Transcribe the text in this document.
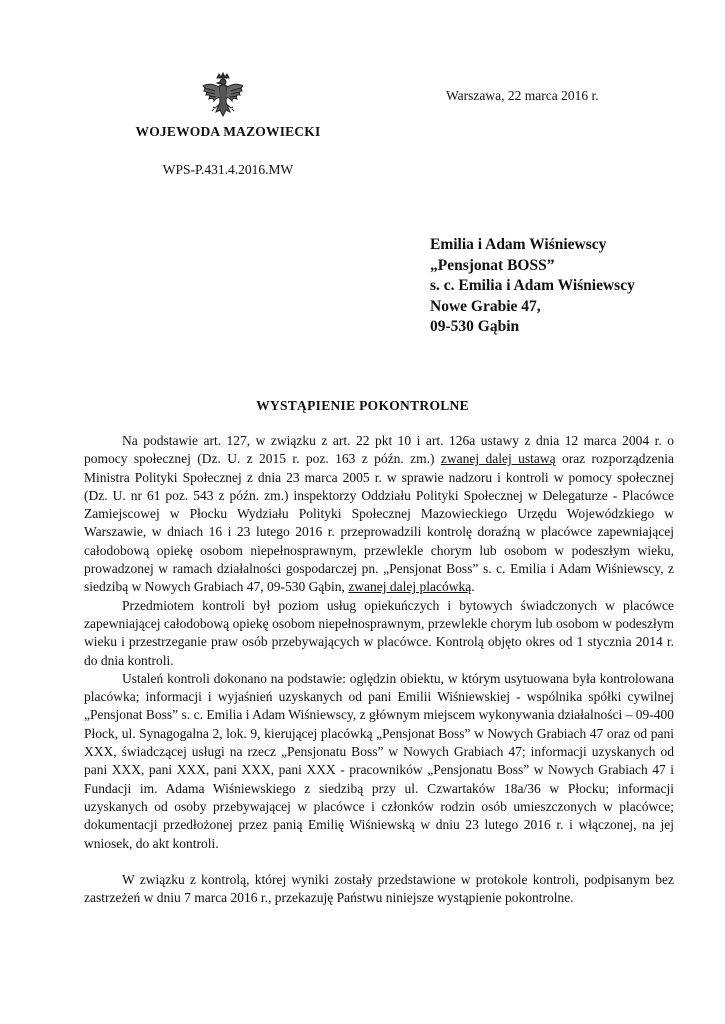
WOJEWODA MAZOWIECKI
WPS-P.431.4.2016.MW
Warszawa, 22 marca 2016 r.
Emilia i Adam Wiśniewscy
„Pensjonat BOSS”
s. c. Emilia i Adam Wiśniewscy
Nowe Grabie 47,
09-530 Gąbin
WYSTĄPIENIE POKONTROLNE

Na podstawie art. 127, w związku z art. 22 pkt 10 i art. 126a ustawy z dnia 12 marca 2004 r. o pomocy społecznej (Dz. U. z 2015 r. poz. 163 z późn. zm.) zwanej dalej ustawą oraz rozporządzenia Ministra Polityki Społecznej z dnia 23 marca 2005 r. w sprawie nadzoru i kontroli w pomocy społecznej (Dz. U. nr 61 poz. 543 z późn. zm.) inspektorzy Oddziału Polityki Społecznej w Delegaturze - Placówce Zamiejscowej w Płocku Wydziału Polityki Społecznej Mazowieckiego Urzędu Wojewódzkiego w Warszawie, w dniach 16 i 23 lutego 2016 r. przeprowadzili kontrolę doraźną w placówce zapewniającej całodobową opiekę osobom niepełnosprawnym, przewlekle chorym lub osobom w podeszłym wieku, prowadzonej w ramach działalności gospodarczej pn. „Pensjonat Boss” s. c. Emilia i Adam Wiśniewscy, z siedzibą w Nowych Grabiach 47, 09-530 Gąbin, zwanej dalej placówką.

Przedmiotem kontroli był poziom usług opiekuńczych i bytowych świadczonych w placówce zapewniającej całodobową opiekę osobom niepełnosprawnym, przewlekle chorym lub osobom w podeszłym wieku i przestrzeganie praw osób przebywających w placówce. Kontrolą objęto okres od 1 stycznia 2014 r. do dnia kontroli.

Ustaleń kontroli dokonano na podstawie: oględzin obiektu, w którym usytuowana była kontrolowana placówka; informacji i wyjaśnień uzyskanych od pani Emilii Wiśniewskiej - wspólnika spółki cywilnej „Pensjonat Boss” s. c. Emilia i Adam Wiśniewscy, z głównym miejscem wykonywania działalności – 09-400 Płock, ul. Synagogalna 2, lok. 9, kierującej placówką „Pensjonat Boss” w Nowych Grabiach 47 oraz od pani XXX, świadczącej usługi na rzecz „Pensjonatu Boss” w Nowych Grabiach 47; informacji uzyskanych od pani XXX, pani XXX, pani XXX, pani XXX - pracowników „Pensjonatu Boss” w Nowych Grabiach 47 i Fundacji im. Adama Wiśniewskiego z siedzibą przy ul. Czwartaków 18a/36 w Płocku; informacji uzyskanych od osoby przebywającej w placówce i członków rodzin osób umieszczonych w placówce; dokumentacji przedłożonej przez panią Emilię Wiśniewską w dniu 23 lutego 2016 r. i włączonej, na jej wniosek, do akt kontroli.

W związku z kontrolą, której wyniki zostały przedstawione w protokole kontroli, podpisanym bez zastrzeżeń w dniu 7 marca 2016 r., przekazuję Państwu niniejsze wystąpienie pokontrolne.
